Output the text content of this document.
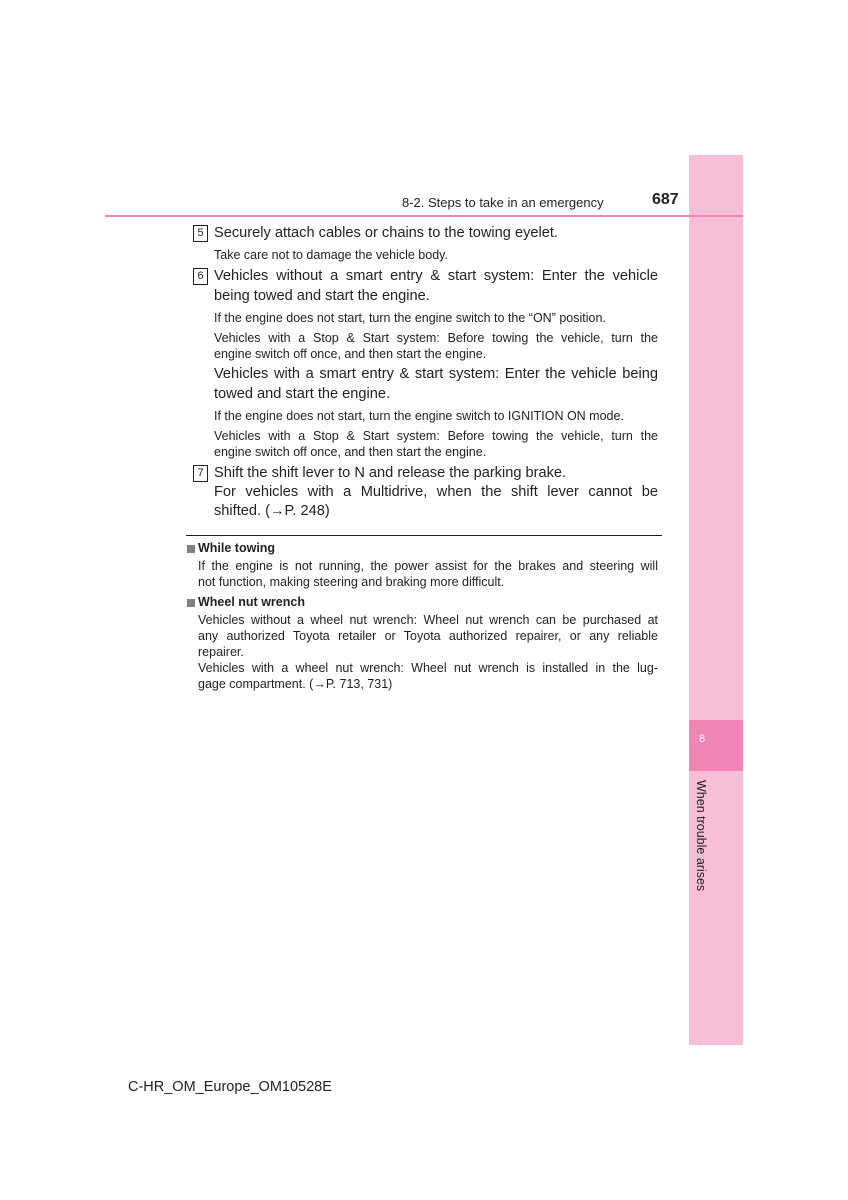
8
When trouble arises
8-2. Steps to take in an emergency	687
5 Securely attach cables or chains to the towing eyelet.
Take care not to damage the vehicle body.
6 Vehicles without a smart entry & start system: Enter the vehicle
being towed and start the engine.
If the engine does not start, turn the engine switch to the “ON” position.
Vehicles with a Stop & Start system: Before towing the vehicle, turn the
engine switch off once, and then start the engine.
Vehicles with a smart entry & start system: Enter the vehicle being
towed and start the engine.
If the engine does not start, turn the engine switch to IGNITION ON mode.
Vehicles with a Stop & Start system: Before towing the vehicle, turn the
engine switch off once, and then start the engine.
7 Shift the shift lever to N and release the parking brake.
For vehicles with a Multidrive, when the shift lever cannot be
shifted. (→P. 248)
While towing
If the engine is not running, the power assist for the brakes and steering will
not function, making steering and braking more difficult.
Wheel nut wrench
Vehicles without a wheel nut wrench: Wheel nut wrench can be purchased at
any authorized Toyota retailer or Toyota authorized repairer, or any reliable
repairer.
Vehicles with a wheel nut wrench: Wheel nut wrench is installed in the lug-
gage compartment. (→P. 713, 731)
C-HR_OM_Europe_OM10528E
